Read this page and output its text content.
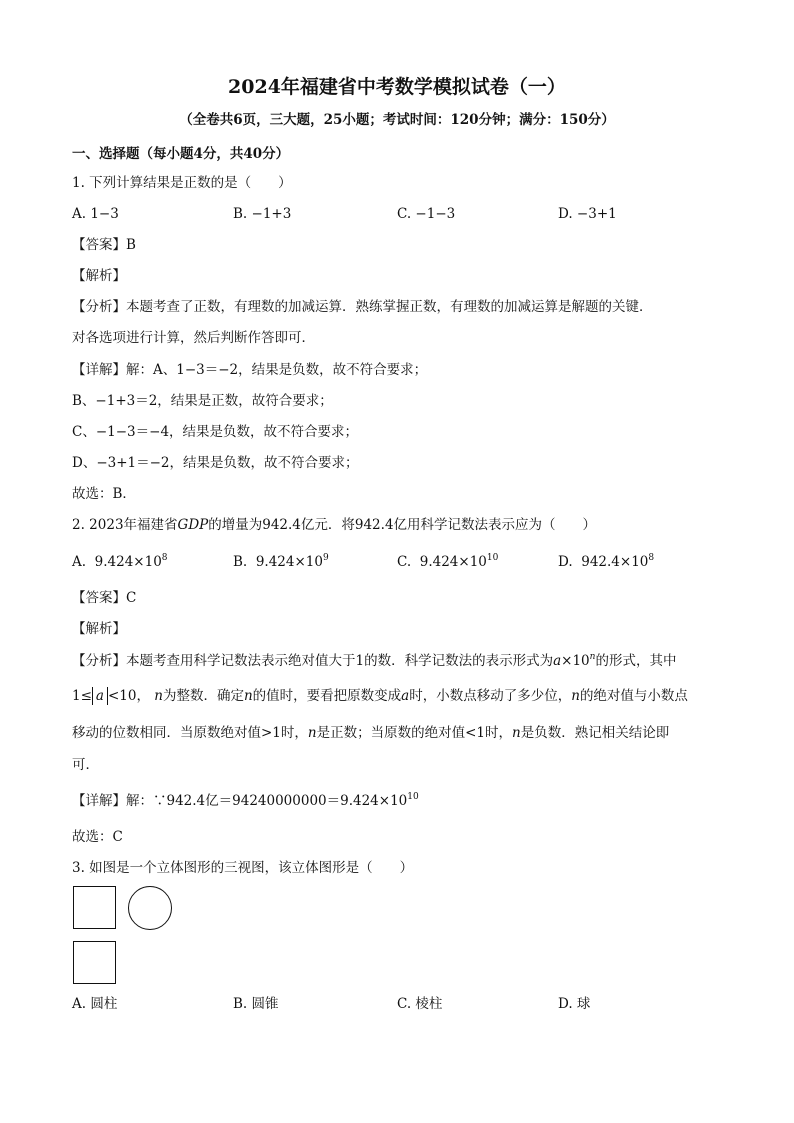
2024年福建省中考数学模拟试卷（一）
（全卷共6页，三大题，25小题；考试时间：120分钟；满分：150分）
一、选择题（每小题4分，共40分）
1. 下列计算结果是正数的是（　　）
A. 1−3	B. −1+3	C. −1−3	D. −3+1
【答案】B
【解析】
【分析】本题考查了正数，有理数的加减运算．熟练掌握正数，有理数的加减运算是解题的关键．
对各选项进行计算，然后判断作答即可．
【详解】解：A、1−3＝−2，结果是负数，故不符合要求；
B、−1+3＝2，结果是正数，故符合要求；
C、−1−3＝−4，结果是负数，故不符合要求；
D、−3+1＝−2，结果是负数，故不符合要求；
故选：B．
2. 2023年福建省GDP的增量为942.4亿元．将942.4亿用科学记数法表示应为（　　）
A. $9.424\times 10^8$	B. $9.424\times 10^9$	C. $9.424\times 10^{10}$	D. $942.4\times 10^8$
【答案】C
【解析】
【分析】本题考查用科学记数法表示绝对值大于1的数．科学记数法的表示形式为$a\times 10^n$的形式，其中
1≤ a <10， n为整数．确定n的值时，要看把原数变成a时，小数点移动了多少位，n的绝对值与小数点
移动的位数相同．当原数绝对值>1时，n是正数；当原数的绝对值<1时，n是负数．熟记相关结论即
可．
【详解】解：∵942.4亿$=94240000000=9.424\times 10^{10}$
故选：C
3. 如图是一个立体图形的三视图，该立体图形是（　　）
A. 圆柱	B. 圆锥	C. 棱柱	D. 球
